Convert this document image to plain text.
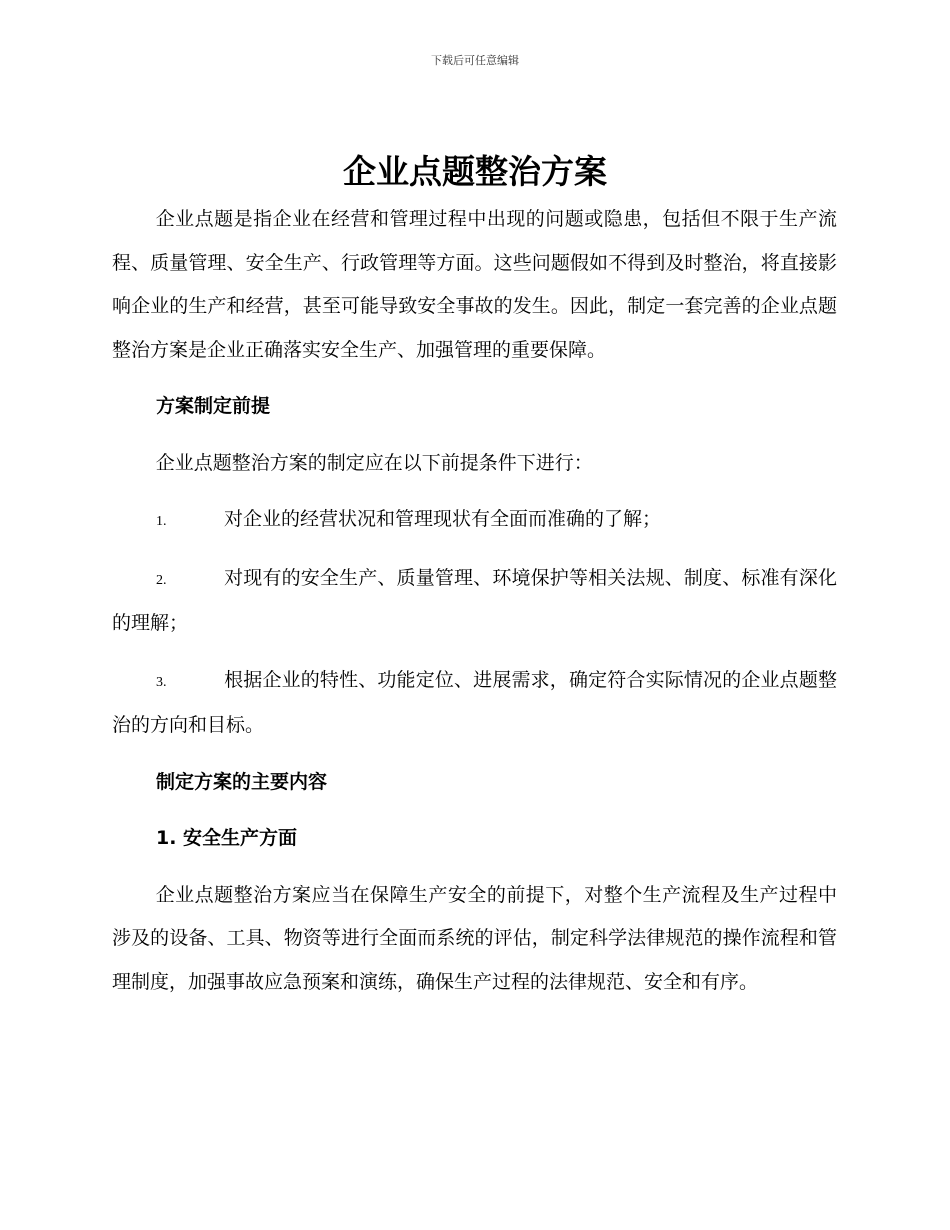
下载后可任意编辑
企业点题整治方案

企业点题是指企业在经营和管理过程中出现的问题或隐患，包括但不限于生产流程、质量管理、安全生产、行政管理等方面。这些问题假如不得到及时整治，将直接影响企业的生产和经营，甚至可能导致安全事故的发生。因此，制定一套完善的企业点题整治方案是企业正确落实安全生产、加强管理的重要保障。

方案制定前提

企业点题整治方案的制定应在以下前提条件下进行：

1.	对企业的经营状况和管理现状有全面而准确的了解；

2.	对现有的安全生产、质量管理、环境保护等相关法规、制度、标准有深化的理解；

3.	根据企业的特性、功能定位、进展需求，确定符合实际情况的企业点题整治的方向和目标。

制定方案的主要内容

1. 安全生产方面

企业点题整治方案应当在保障生产安全的前提下，对整个生产流程及生产过程中涉及的设备、工具、物资等进行全面而系统的评估，制定科学法律规范的操作流程和管理制度，加强事故应急预案和演练，确保生产过程的法律规范、安全和有序。
